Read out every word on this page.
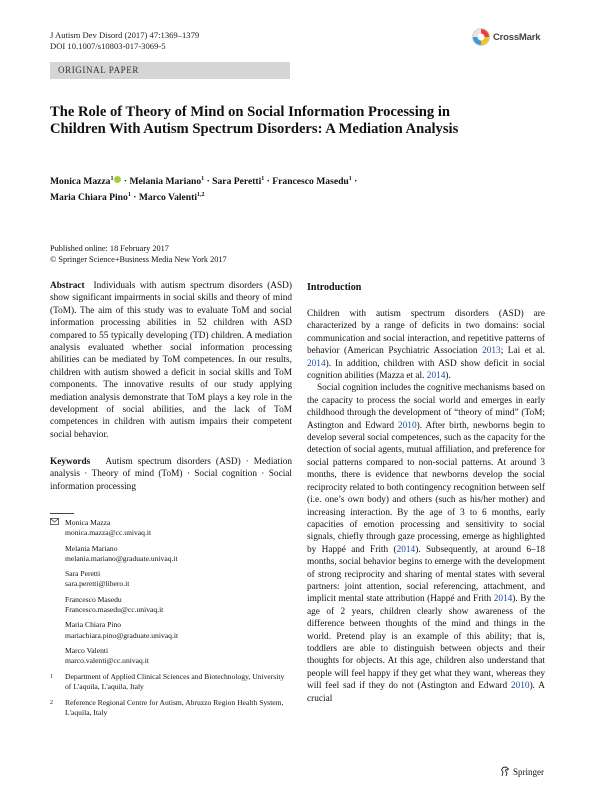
J Autism Dev Disord (2017) 47:1369–1379
DOI 10.1007/s10803-017-3069-5
CrossMark
ORIGINAL PAPER
The Role of Theory of Mind on Social Information Processing in Children With Autism Spectrum Disorders: A Mediation Analysis
Monica Mazza$^1$ · Melania Mariano$^1$ · Sara Peretti$^1$ · Francesco Masedu$^1$ ·
Maria Chiara Pino$^1$ · Marco Valenti$^{1,2}$
Published online: 18 February 2017
© Springer Science+Business Media New York 2017

Abstract Individuals with autism spectrum disorders (ASD) show significant impairments in social skills and theory of mind (ToM). The aim of this study was to evaluate ToM and social information processing abilities in 52 children with ASD compared to 55 typically developing (TD) children. A mediation analysis evaluated whether social information processing abilities can be mediated by ToM competences. In our results, children with autism showed a deficit in social skills and ToM components. The innovative results of our study applying mediation analysis demonstrate that ToM plays a key role in the development of social abilities, and the lack of ToM competences in children with autism impairs their competent social behavior.

Keywords Autism spectrum disorders (ASD) · Mediation analysis · Theory of mind (ToM) · Social cognition · Social information processing

Monica Mazza
monica.mazza@cc.univaq.it
Melania Mariano
melania.mariano@graduate.univaq.it
Sara Peretti
sara.peretti@libero.it
Francesco Masedu
Francesco.masedu@cc.univaq.it
Maria Chiara Pino
mariachiara.pino@graduate.univaq.it
Marco Valenti
marco.valenti@cc.univaq.it
1	Department of Applied Clinical Sciences and Biotechnology, University of L'aquila, L'aquila, Italy
2	Reference Regional Centre for Autism, Abruzzo Region Health System, L'aquila, Italy
Introduction

Children with autism spectrum disorders (ASD) are characterized by a range of deficits in two domains: social communication and social interaction, and repetitive patterns of behavior (American Psychiatric Association 2013; Lai et al. 2014). In addition, children with ASD show deficit in social cognition abilities (Mazza et al. 2014).

Social cognition includes the cognitive mechanisms based on the capacity to process the social world and emerges in early childhood through the development of “theory of mind” (ToM; Astington and Edward 2010). After birth, newborns begin to develop several social competences, such as the capacity for the detection of social agents, mutual affiliation, and preference for social patterns compared to non-social patterns. At around 3 months, there is evidence that newborns develop the social reciprocity related to both contingency recognition between self (i.e. one’s own body) and others (such as his/her mother) and increasing interaction. By the age of 3 to 6 months, early capacities of emotion processing and sensitivity to social signals, chiefly through gaze processing, emerge as highlighted by Happé and Frith (2014). Subsequently, at around 6–18 months, social behavior begins to emerge with the development of strong reciprocity and sharing of mental states with several partners: joint attention, social referencing, attachment, and implicit mental state attribution (Happé and Frith 2014). By the age of 2 years, children clearly show awareness of the difference between thoughts of the mind and things in the world. Pretend play is an example of this ability; that is, toddlers are able to distinguish between objects and their thoughts for objects. At this age, children also understand that people will feel happy if they get what they want, whereas they will feel sad if they do not (Astington and Edward 2010). A crucial

Springer
